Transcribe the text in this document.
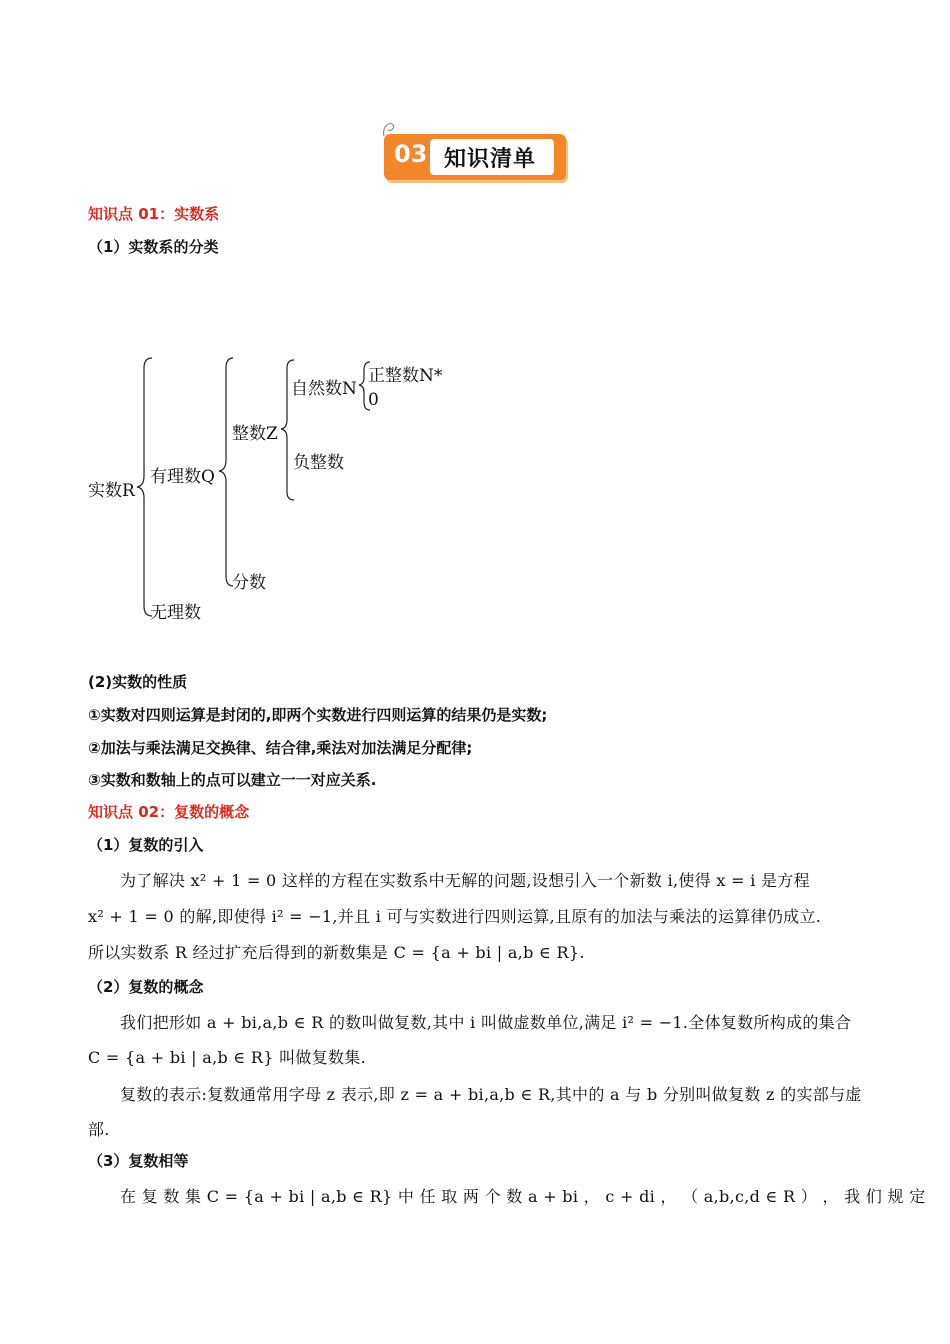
03 知识清单
知识点 01：实数系
（1）实数系的分类
实数R
有理数Q
整数Z
自然数N
正整数N*
0
负整数
分数
无理数
(2)实数的性质
①实数对四则运算是封闭的,即两个实数进行四则运算的结果仍是实数;
②加法与乘法满足交换律、结合律,乘法对加法满足分配律;
③实数和数轴上的点可以建立一一对应关系.
知识点 02：复数的概念
（1）复数的引入
为了解决 x² + 1 = 0 这样的方程在实数系中无解的问题,设想引入一个新数 i,使得 x = i 是方程
x² + 1 = 0 的解,即使得 i² = −1,并且 i 可与实数进行四则运算,且原有的加法与乘法的运算律仍成立.
所以实数系 R 经过扩充后得到的新数集是 C = {a + bi | a,b ∈ R}.
（2）复数的概念
我们把形如 a + bi,a,b ∈ R 的数叫做复数,其中 i 叫做虚数单位,满足 i² = −1.全体复数所构成的集合
C = {a + bi | a,b ∈ R} 叫做复数集.
复数的表示:复数通常用字母 z 表示,即 z = a + bi,a,b ∈ R,其中的 a 与 b 分别叫做复数 z 的实部与虚
部.
（3）复数相等
在 复 数 集 C = {a + bi | a,b ∈ R} 中 任 取 两 个 数 a + bi ， c + di ， （ a,b,c,d ∈ R ） ， 我 们 规 定
